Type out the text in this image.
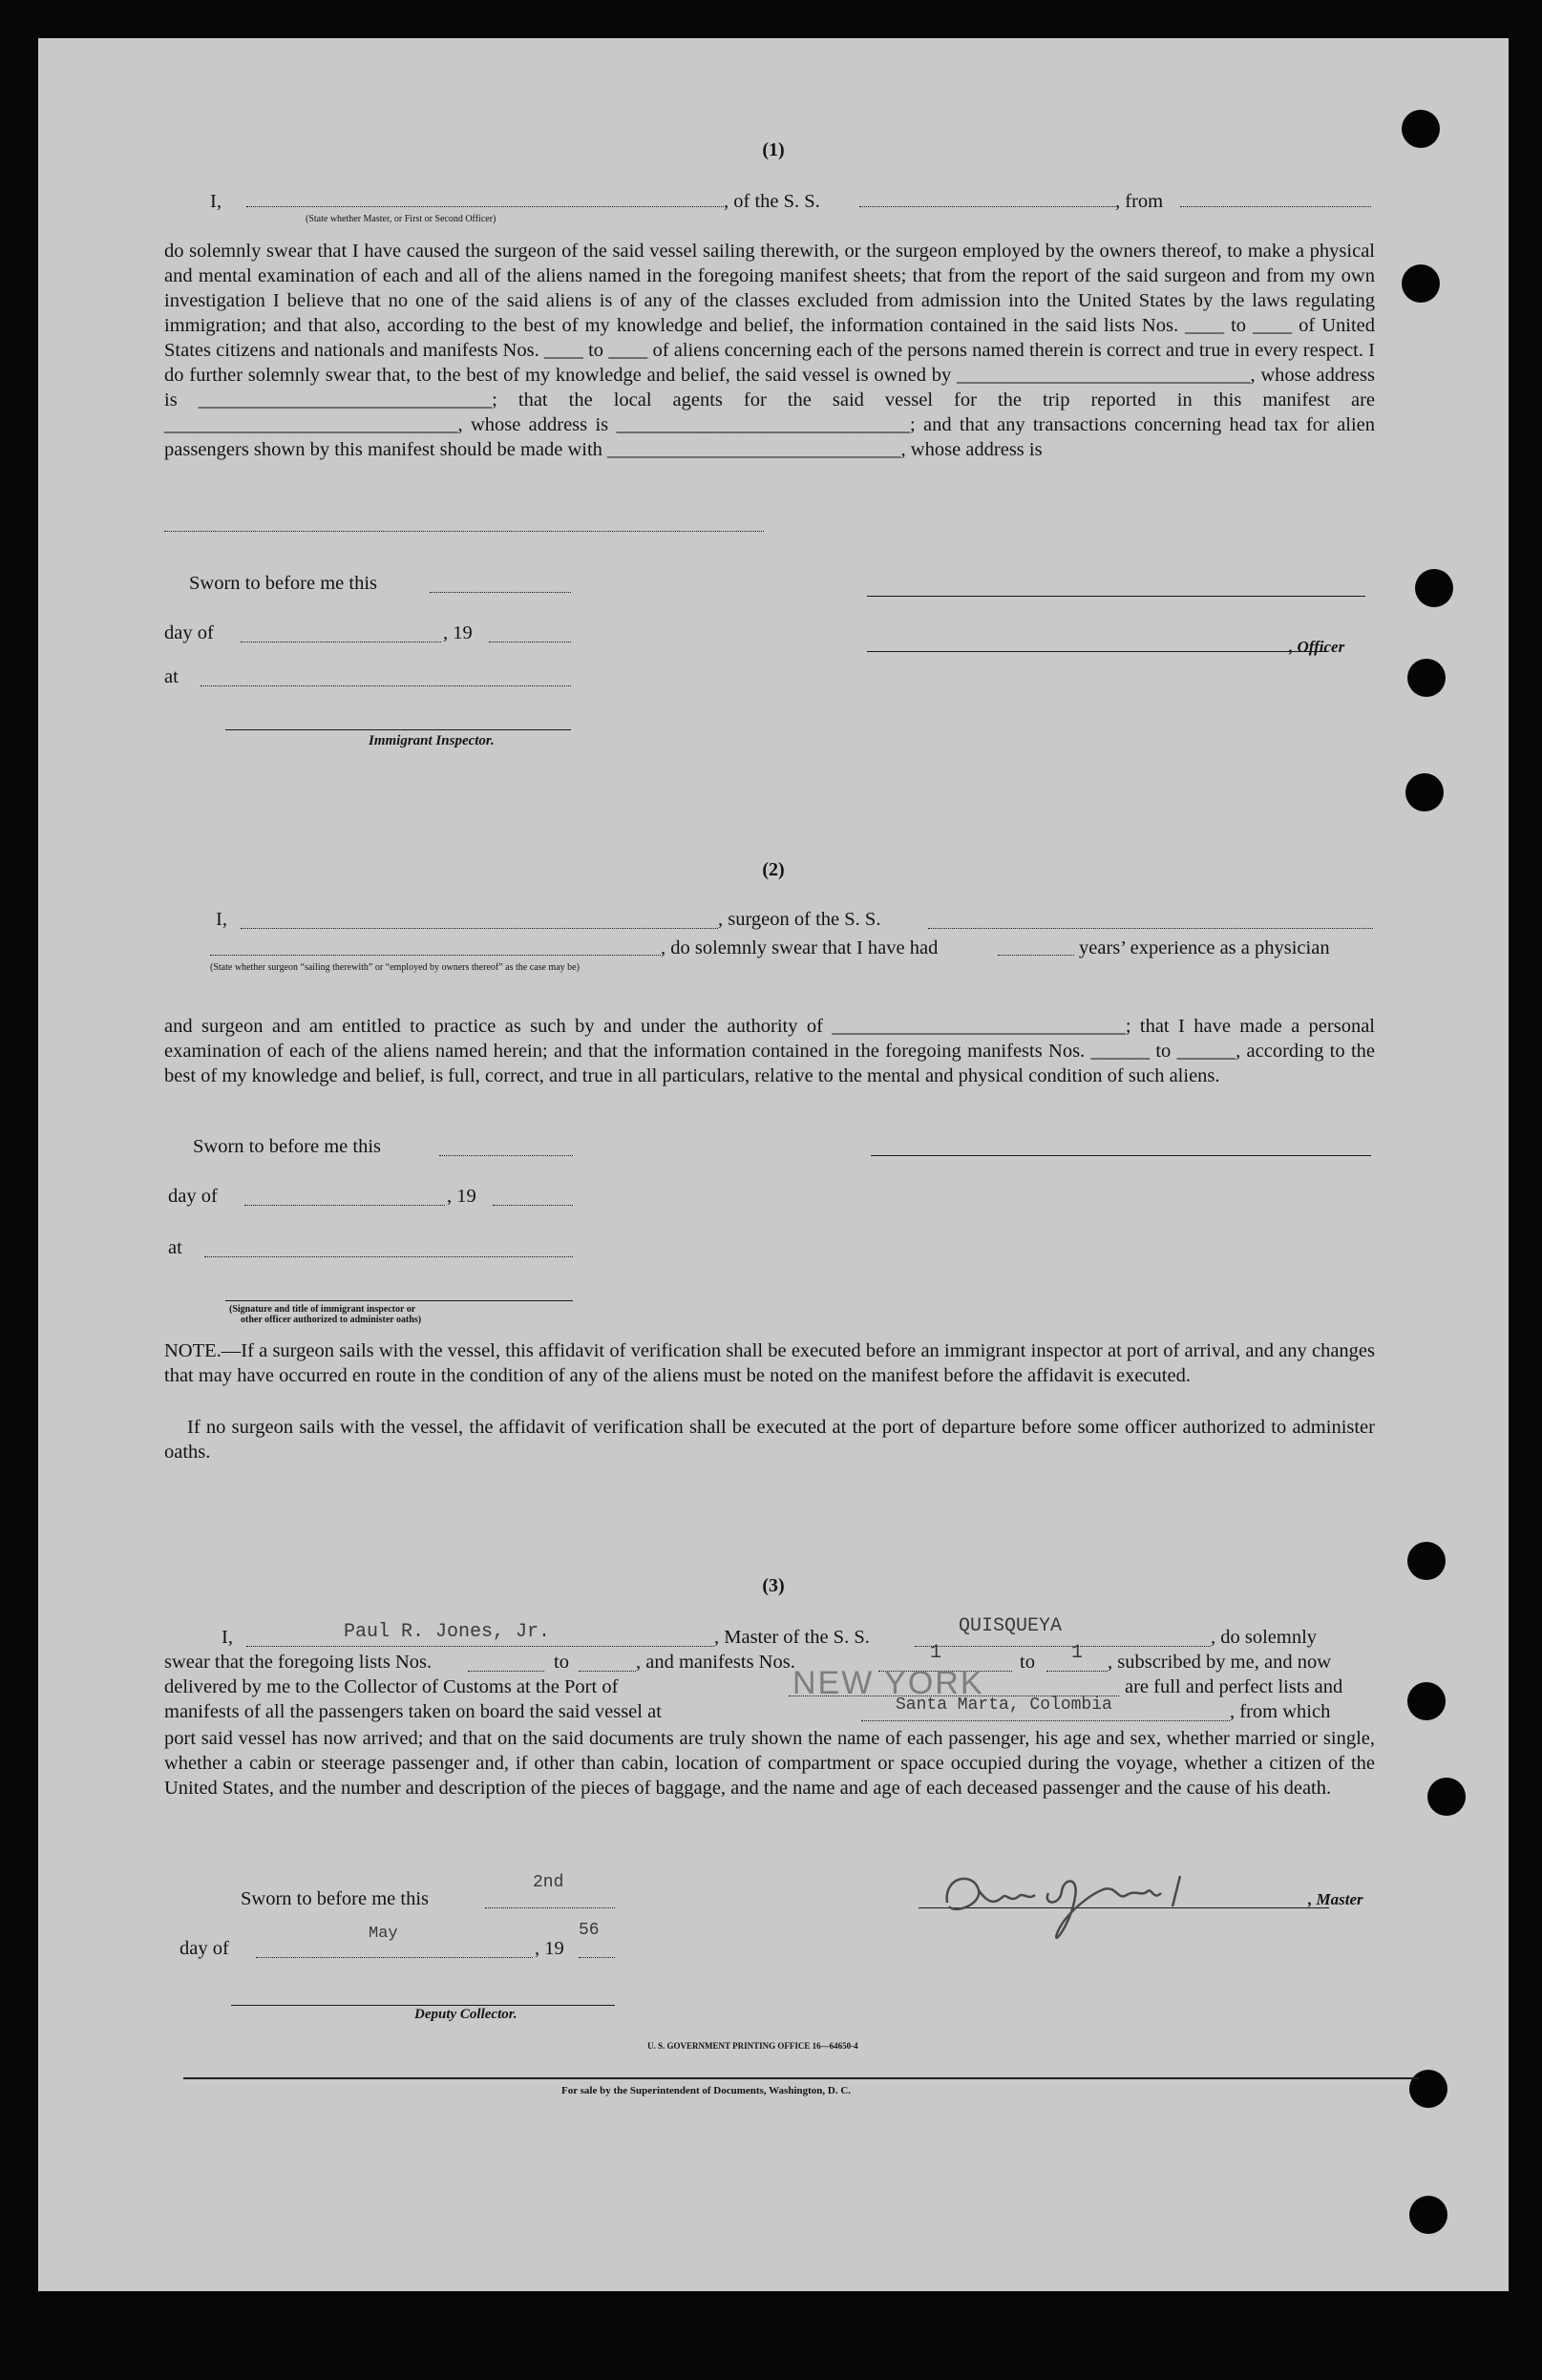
(1)
I,
(State whether Master, or First or Second Officer)
, of the S. S.	, from
do solemnly swear that I have caused the surgeon of the said vessel sailing therewith, or the surgeon employed by the owners thereof, to make a physical and mental examination of each and all of the aliens named in the foregoing manifest sheets; that from the report of the said surgeon and from my own investigation I believe that no one of the said aliens is of any of the classes excluded from admission into the United States by the laws regulating immigration; and that also, according to the best of my knowledge and belief, the information contained in the said lists Nos. ____ to ____ of United States citizens and nationals and manifests Nos. ____ to ____ of aliens concerning each of the persons named therein is correct and true in every respect. I do further solemnly swear that, to the best of my knowledge and belief, the said vessel is owned by ______________________________, whose address is ______________________________; that the local agents for the said vessel for the trip reported in this manifest are ______________________________, whose address is ______________________________; and that any transactions concerning head tax for alien passengers shown by this manifest should be made with ______________________________, whose address is
Sworn to before me this
day of	, 19
, Officer
at
Immigrant Inspector.
(2)
I,	, surgeon of the S. S.
, do solemnly swear that I have had	years’ experience as a physician
(State whether surgeon “sailing therewith” or “employed by owners thereof” as the case may be)
and surgeon and am entitled to practice as such by and under the authority of ______________________________; that I have made a personal examination of each of the aliens named herein; and that the information contained in the foregoing manifests Nos. ______ to ______, according to the best of my knowledge and belief, is full, correct, and true in all particulars, relative to the mental and physical condition of such aliens.
Sworn to before me this
day of	, 19
at
(Signature and title of immigrant inspector or
other officer authorized to administer oaths)
NOTE.—If a surgeon sails with the vessel, this affidavit of verification shall be executed before an immigrant inspector at port of arrival, and any changes that may have occurred en route in the condition of any of the aliens must be noted on the manifest before the affidavit is executed.
If no surgeon sails with the vessel, the affidavit of verification shall be executed at the port of departure before some officer authorized to administer oaths.
(3)
I,	Paul R. Jones, Jr.	, Master of the S. S.	QUISQUEYA	, do solemnly
swear that the foregoing lists Nos.	to	, and manifests Nos.	1	to 1 , subscribed by me, and now
delivered by me to the Collector of Customs at the Port of	NEW YORK	are full and perfect lists and
manifests of all the passengers taken on board the said vessel at	Santa Marta, Colombia	, from which
port said vessel has now arrived; and that on the said documents are truly shown the name of each passenger, his age and sex, whether married or single, whether a cabin or steerage passenger and, if other than cabin, location of compartment or space occupied during the voyage, whether a citizen of the United States, and the number and description of the pieces of baggage, and the name and age of each deceased passenger and the cause of his death.
Sworn to before me this
2nd
, Master
day of
May
, 19
56
Deputy Collector.
U. S. GOVERNMENT PRINTING OFFICE 16—64650-4
For sale by the Superintendent of Documents, Washington, D. C.
